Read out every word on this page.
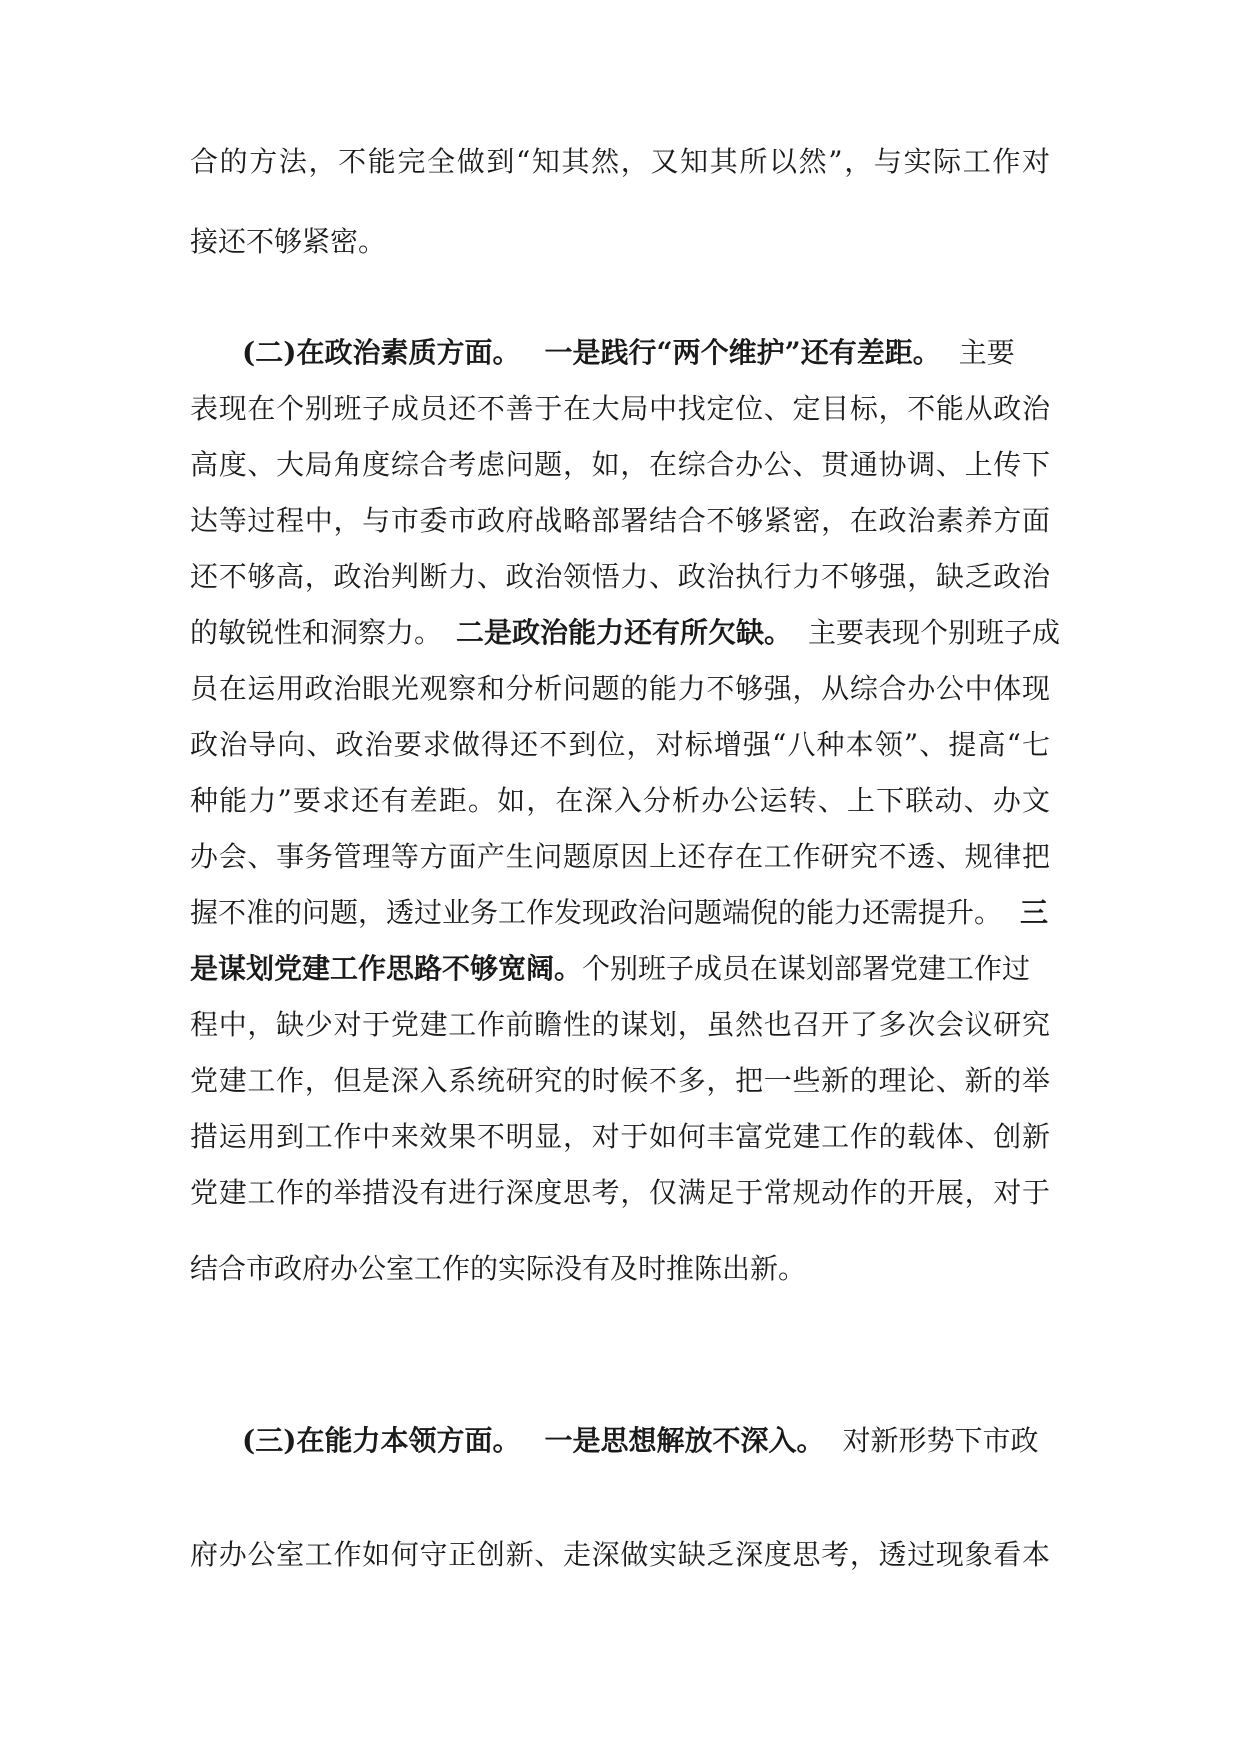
合的方法，不能完全做到“知其然，又知其所以然”，与实际工作对
接还不够紧密。
(二)在政治素质方面。 一是践行“两个维护”还有差距。 主要
表现在个别班子成员还不善于在大局中找定位、定目标，不能从政治
高度、大局角度综合考虑问题，如，在综合办公、贯通协调、上传下
达等过程中，与市委市政府战略部署结合不够紧密，在政治素养方面
还不够高，政治判断力、政治领悟力、政治执行力不够强，缺乏政治
的敏锐性和洞察力。 二是政治能力还有所欠缺。 主要表现个别班子成
员在运用政治眼光观察和分析问题的能力不够强，从综合办公中体现
政治导向、政治要求做得还不到位，对标增强“八种本领”、提高“七
种能力”要求还有差距。如，在深入分析办公运转、上下联动、办文
办会、事务管理等方面产生问题原因上还存在工作研究不透、规律把
握不准的问题，透过业务工作发现政治问题端倪的能力还需提升。 三
是谋划党建工作思路不够宽阔。个别班子成员在谋划部署党建工作过
程中，缺少对于党建工作前瞻性的谋划，虽然也召开了多次会议研究
党建工作，但是深入系统研究的时候不多，把一些新的理论、新的举
措运用到工作中来效果不明显，对于如何丰富党建工作的载体、创新
党建工作的举措没有进行深度思考，仅满足于常规动作的开展，对于
结合市政府办公室工作的实际没有及时推陈出新。
(三)在能力本领方面。 一是思想解放不深入。 对新形势下市政
府办公室工作如何守正创新、走深做实缺乏深度思考，透过现象看本
